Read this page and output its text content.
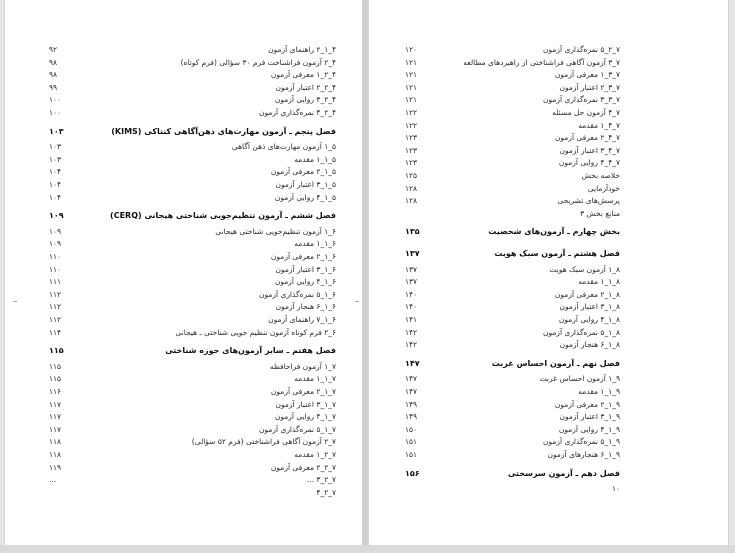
۴_۱_۲ راهنمای آزمون
۹۲
۴_۲ آزمون فراشناخت فرم ۳۰ سؤالی (فرم کوتاه)
۹۸
۴_۲_۱ معرفی آزمون
۹۸
۴_۲_۲ اعتبار آزمون
۹۹
۴_۲_۳ روایی آزمون
۱۰۰
۴_۲_۴ نمره‌گذاری آزمون
۱۰۰
فصل پنجم ـ آزمون مهارت‌های ذهن‌آگاهی کنتاکی (KIMS)
۱۰۳
۵_۱ آزمون مهارت‌های ذهن آگاهی
۱۰۳
۵_۱_۱ مقدمه
۱۰۳
۵_۱_۲ معرفی آزمون
۱۰۴
۵_۱_۳ اعتبار آزمون
۱۰۴
۵_۱_۴ روایی آزمون
۱۰۴
فصل ششم ـ آزمون تنظیم‌جویی شناختی هیجانی (CERQ)
۱۰۹
۶_۱ آزمون تنظیم‌جویی شناختی هیجانی
۱۰۹
۶_۱_۱ مقدمه
۱۰۹
۶_۱_۲ معرفی آزمون
۱۱۰
۶_۱_۳ اعتبار آزمون
۱۱۰
۶_۱_۴ روایی آزمون
۱۱۱
۶_۱_۵ نمره‌گذاری آزمون
۱۱۲
۶_۱_۶ هنجار آزمون
۱۱۲
۶_۱_۷ راهنمای آزمون
۱۱۲
۶_۲ فرم کوتاه آزمون تنظیم جویی شناختی ـ هیجانی
۱۱۴
فصل هفتم ـ سایر آزمون‌های حوزه شناختی
۱۱۵
۷_۱ آزمون فراحافظه
۱۱۵
۷_۱_۱ مقدمه
۱۱۵
۷_۱_۲ معرفی آزمون
۱۱۶
۷_۱_۳ اعتبار آزمون
۱۱۷
۷_۱_۴ روایی آزمون
۱۱۷
۷_۱_۵ نمره‌گذاری آزمون
۱۱۷
۷_۲ آزمون آگاهی فراشناختی (فرم ۵۲ سؤالی)
۱۱۸
۷_۲_۱ مقدمه
۱۱۸
۷_۲_۲ معرفی آزمون
۱۱۹
۷_۲_۳ ...
...
۷_۲_۴
۷_۲_۵ نمره‌گذاری آزمون
۱۲۰
۷_۳ آزمون آگاهی فراشناختی از راهبردهای مطالعه
۱۲۱
۷_۳_۱ معرفی آزمون
۱۲۱
۷_۳_۲ اعتبار آزمون
۱۲۱
۷_۳_۳ نمره‌گذاری آزمون
۱۲۱
۷_۴ آزمون حل مسئله
۱۲۲
۷_۴_۱ مقدمه
۱۲۲
۷_۴_۲ معرفی آزمون
۱۲۳
۷_۴_۳ اعتبار آزمون
۱۲۳
۷_۴_۴ روایی آزمون
۱۲۳
خلاصه بخش
۱۲۵
خودآزمایی
۱۲۸
پرسش‌های تشریحی
۱۲۸
منابع بخش ۳
بخش چهارم ـ آزمون‌های شخصیت
۱۳۵
فصل هشتم ـ آزمون سبک هویت
۱۳۷
۸_۱ آزمون سبک هویت
۱۳۷
۸_۱_۱ مقدمه
۱۳۷
۸_۱_۲ معرفی آزمون
۱۴۰
۸_۱_۳ اعتبار آزمون
۱۴۰
۸_۱_۴ روایی آزمون
۱۴۱
۸_۱_۵ نمره‌گذاری آزمون
۱۴۲
۸_۱_۶ هنجار آزمون
۱۴۲
فصل نهم ـ آزمون احساس غربت
۱۴۷
۹_۱ آزمون احساس غربت
۱۴۷
۹_۱_۱ مقدمه
۱۴۷
۹_۱_۲ معرفی آزمون
۱۴۹
۹_۱_۳ اعتبار آزمون
۱۴۹
۹_۱_۴ روایی آزمون
۱۵۰
۹_۱_۵ نمره‌گذاری آزمون
۱۵۱
۹_۱_۶ هنجارهای آزمون
۱۵۱
فصل دهم ـ آزمون سرسختی
۱۵۶
۱۰
